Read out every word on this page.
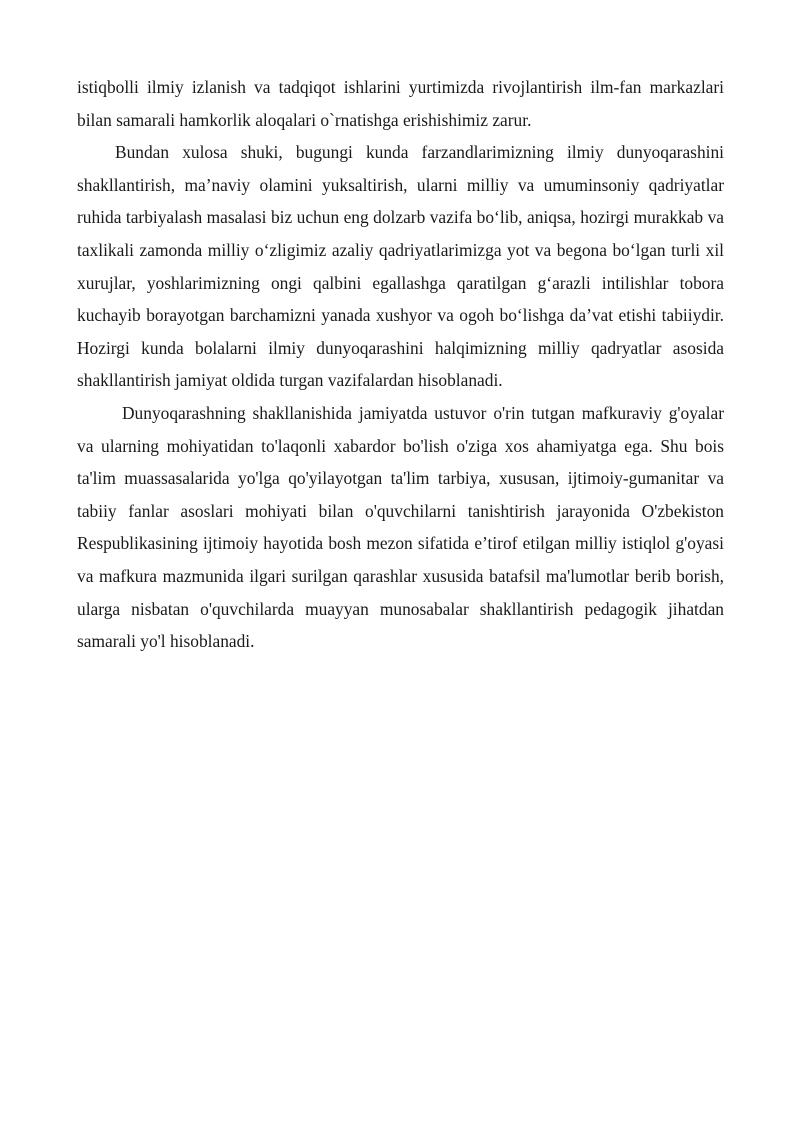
istiqbolli ilmiy izlanish va tadqiqot ishlarini yurtimizda rivojlantirish ilm-fan markazlari bilan samarali hamkorlik aloqalari o`rnatishga erishishimiz zarur.

Bundan xulosa shuki, bugungi kunda farzandlarimizning ilmiy dunyoqarashini shakllantirish, ma’naviy olamini yuksaltirish, ularni milliy va umuminsoniy qadriyatlar ruhida tarbiyalash masalasi biz uchun eng dolzarb vazifa bo‘lib, aniqsa, hozirgi murakkab va taxlikali zamonda milliy o‘zligimiz azaliy qadriyatlarimizga yot va begona bo‘lgan turli xil xurujlar, yoshlarimizning ongi qalbini egallashga qaratilgan g‘arazli intilishlar tobora kuchayib borayotgan barchamizni yanada xushyor va ogoh bo‘lishga da’vat etishi tabiiydir. Hozirgi kunda bolalarni ilmiy dunyoqarashini halqimizning milliy qadryatlar asosida shakllantirish jamiyat oldida turgan vazifalardan hisoblanadi.

Dunyoqarashning shakllanishida jamiyatda ustuvor o'rin tutgan mafkuraviy g'oyalar va ularning mohiyatidan to'laqonli xabardor bo'lish o'ziga xos ahamiyatga ega. Shu bois ta'lim muassasalarida yo'lga qo'yilayotgan ta'lim tarbiya, xususan, ijtimoiy-gumanitar va tabiiy fanlar asoslari mohiyati bilan o'quvchilarni tanishtirish jarayonida O'zbekiston Respublikasining ijtimoiy hayotida bosh mezon sifatida e’tirof etilgan milliy istiqlol g'oyasi va mafkura mazmunida ilgari surilgan qarashlar xususida batafsil ma'lumotlar berib borish, ularga nisbatan o'quvchilarda muayyan munosabalar shakllantirish pedagogik jihatdan samarali yo'l hisoblanadi.
